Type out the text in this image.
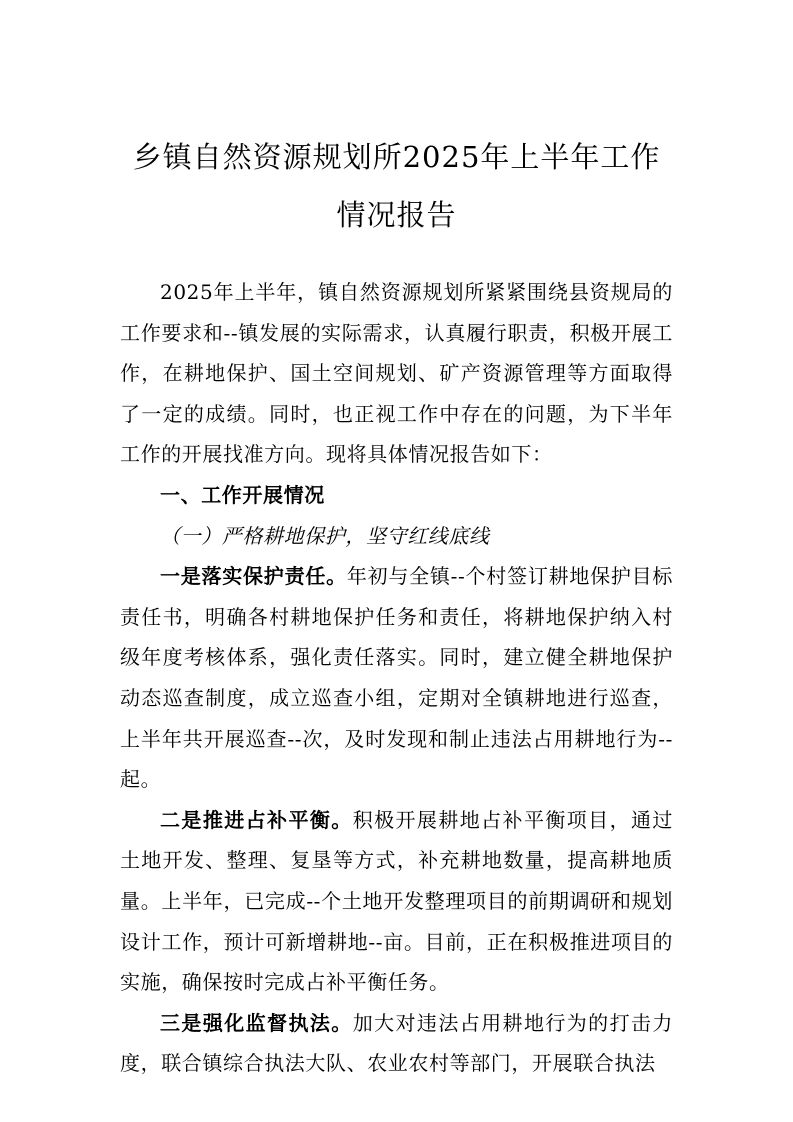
乡镇自然资源规划所2025年上半年工作情况报告

2025年上半年，镇自然资源规划所紧紧围绕县资规局的工作要求和--镇发展的实际需求，认真履行职责，积极开展工作，在耕地保护、国土空间规划、矿产资源管理等方面取得了一定的成绩。同时，也正视工作中存在的问题，为下半年工作的开展找准方向。现将具体情况报告如下：

一、工作开展情况

（一）严格耕地保护，坚守红线底线

一是落实保护责任。年初与全镇--个村签订耕地保护目标责任书，明确各村耕地保护任务和责任，将耕地保护纳入村级年度考核体系，强化责任落实。同时，建立健全耕地保护动态巡查制度，成立巡查小组，定期对全镇耕地进行巡查，上半年共开展巡查--次，及时发现和制止违法占用耕地行为--起。

二是推进占补平衡。积极开展耕地占补平衡项目，通过土地开发、整理、复垦等方式，补充耕地数量，提高耕地质量。上半年，已完成--个土地开发整理项目的前期调研和规划设计工作，预计可新增耕地--亩。目前，正在积极推进项目的实施，确保按时完成占补平衡任务。

三是强化监督执法。加大对违法占用耕地行为的打击力度，联合镇综合执法大队、农业农村等部门，开展联合执法
